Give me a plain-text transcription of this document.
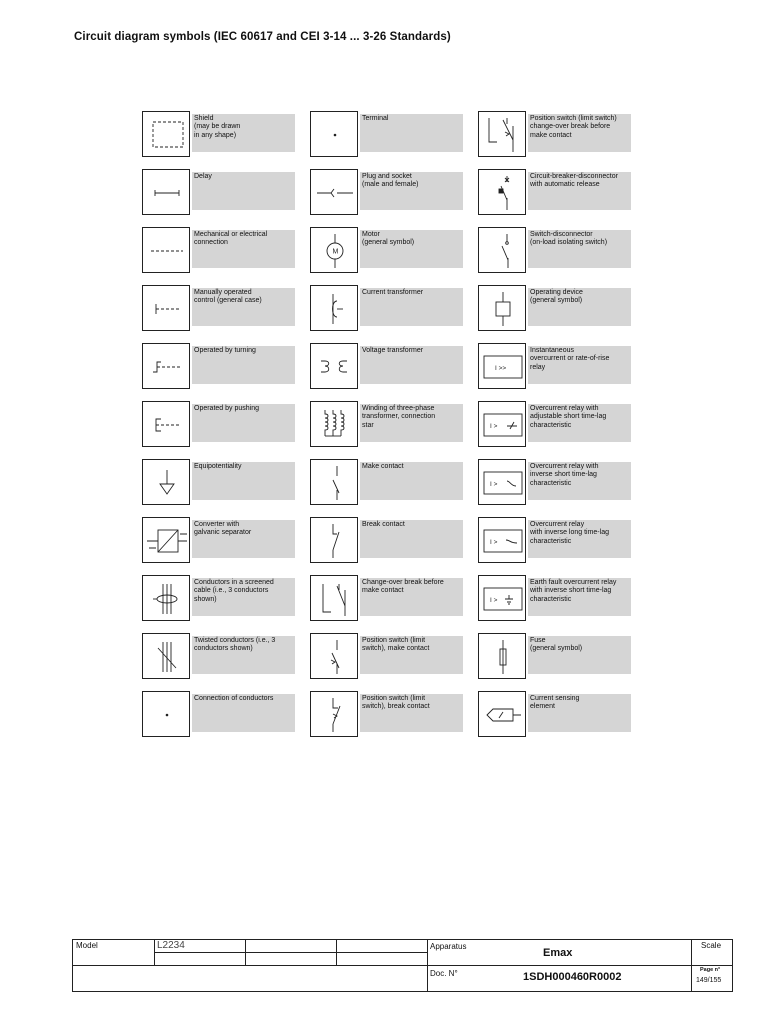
Circuit diagram symbols (IEC 60617 and CEI 3-14 ... 3-26 Standards)
Shield
(may be drawn
in any shape)
Delay
Mechanical or electrical
connection
Manually operated
control (general case)
Operated by turning
Operated by pushing
Equipotentiality
Converter with
galvanic separator
Conductors in a screened
cable (i.e., 3 conductors
shown)
Twisted conductors (i.e., 3
conductors shown)
Connection of conductors
Terminal
Plug and socket
(male and female)
M
Motor
(general symbol)
Current transformer
Voltage transformer
Winding of three-phase
transformer, connection
star
Make contact
Break contact
Change-over break before
make contact
Position switch (limit
switch), make contact
Position switch (limit
switch), break contact
Position switch (limit switch)
change-over break before
make contact
Circuit-breaker-disconnector
with automatic release
Switch-disconnector
(on-load isolating switch)
Operating device
(general symbol)
I >>
Instantaneous
overcurrent or rate-of-rise
relay
I >
Overcurrent relay with
adjustable short time-lag
characteristic
I >
Overcurrent relay with
inverse short time-lag
characteristic
I >
Overcurrent relay
with inverse long time-lag
characteristic
I >
Earth fault overcurrent relay
with inverse short time-lag
characteristic
Fuse
(general symbol)
Current sensing
element
Model	L2234	Apparatus
Emax
Scale
Doc. N°	1SDH000460R0002
Page n°
149/155
